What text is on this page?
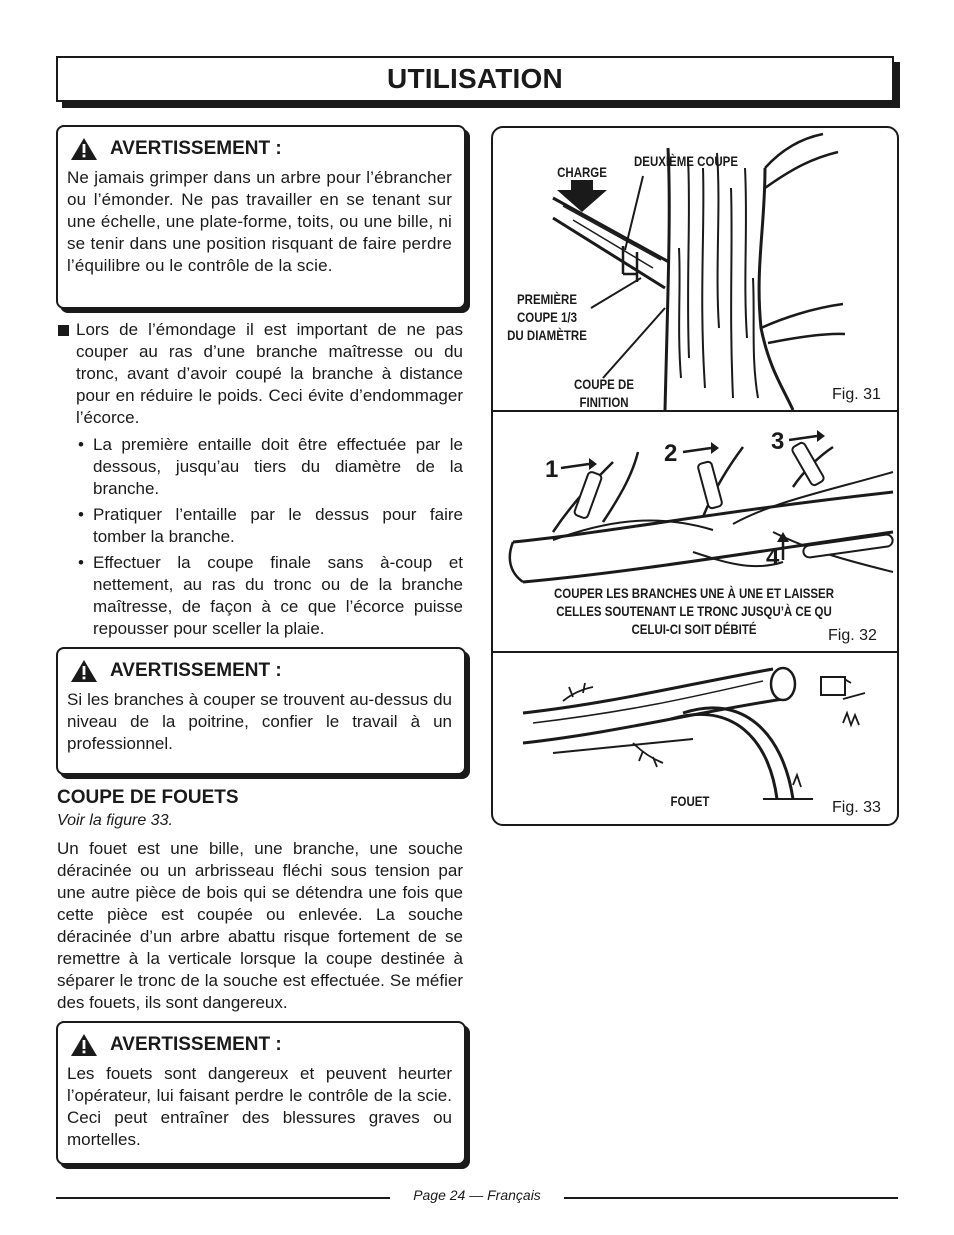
UTILISATION
AVERTISSEMENT :
Ne jamais grimper dans un arbre pour l’ébrancher ou l’émonder. Ne pas travailler en se tenant sur une échelle, une plate-forme, toits, ou une bille, ni se tenir dans une position risquant de faire perdre l’équilibre ou le contrôle de la scie.
Lors de l’émondage il est important de ne pas couper au ras d’une branche maîtresse ou du tronc, avant d’avoir coupé la branche à distance pour en réduire le poids. Ceci évite d’endommager l’écorce.
• La première entaille doit être effectuée par le dessous, jusqu’au tiers du diamètre de la branche.
• Pratiquer l’entaille par le dessus pour faire tomber la branche.
• Effectuer la coupe finale sans à-coup et nettement, au ras du tronc ou de la branche maîtresse, de façon à ce que l’écorce puisse repousser pour sceller la plaie.
AVERTISSEMENT :
Si les branches à couper se trouvent au-dessus du niveau de la poitrine, confier le travail à un professionnel.
COUPE DE FOUETS
Voir la figure 33.
Un fouet est une bille, une branche, une souche déracinée ou un arbrisseau fléchi sous tension par une autre pièce de bois qui se détendra une fois que cette pièce est coupée ou enlevée. La souche déracinée d’un arbre abattu risque fortement de se remettre à la verticale lorsque la coupe destinée à séparer le tronc de la souche est effectuée. Se méfier des fouets, ils sont dangereux.
AVERTISSEMENT :
Les fouets sont dangereux et peuvent heurter l’opérateur, lui faisant perdre le contrôle de la scie. Ceci peut entraîner des blessures graves ou mortelles.
CHARGE
DEUXIÈME COUPE
PREMIÈRE
COUPE 1/3
DU DIAMÈTRE
COUPE DE
FINITION	Fig. 31
1
2	3
4
COUPER LES BRANCHES UNE À UNE ET LAISSER
CELLES SOUTENANT LE TRONC JUSQU’À CE QU
CELUI-CI SOIT DÉBITÉ	Fig. 32
FOUET	Fig. 33
Page 24 — Français
